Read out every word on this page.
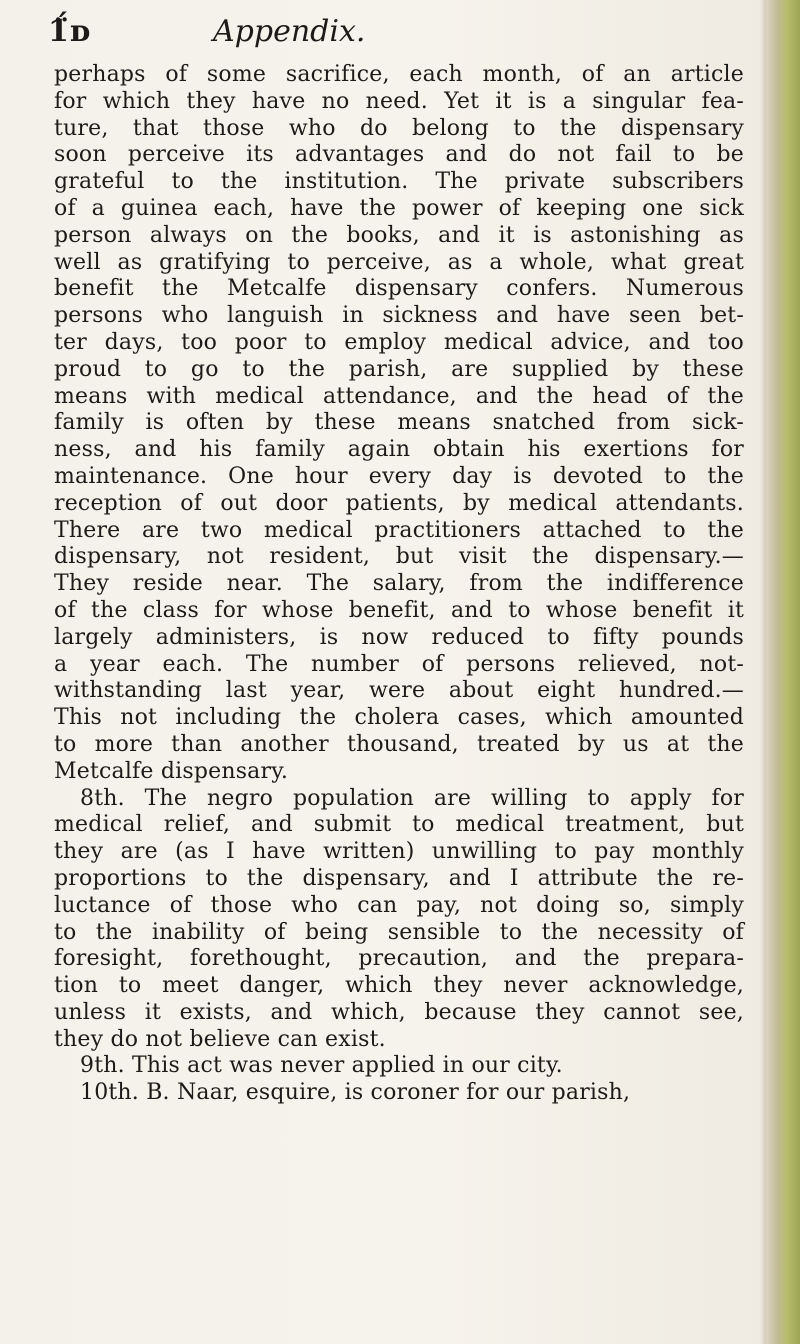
1̈́ᴅ	Appendix.
perhaps of some sacrifice, each month, of an article
for which they have no need. Yet it is a singular fea-
ture, that those who do belong to the dispensary
soon perceive its advantages and do not fail to be
grateful to the institution. The private subscribers
of a guinea each, have the power of keeping one sick
person always on the books, and it is astonishing as
well as gratifying to perceive, as a whole, what great
benefit the Metcalfe dispensary confers. Numerous
persons who languish in sickness and have seen bet-
ter days, too poor to employ medical advice, and too
proud to go to the parish, are supplied by these
means with medical attendance, and the head of the
family is often by these means snatched from sick-
ness, and his family again obtain his exertions for
maintenance. One hour every day is devoted to the
reception of out door patients, by medical attendants.
There are two medical practitioners attached to the
dispensary, not resident, but visit the dispensary.—
They reside near. The salary, from the indifference
of the class for whose benefit, and to whose benefit it
largely administers, is now reduced to fifty pounds
a year each. The number of persons relieved, not-
withstanding last year, were about eight hundred.—
This not including the cholera cases, which amounted
to more than another thousand, treated by us at the
Metcalfe dispensary.
8th. The negro population are willing to apply for
medical relief, and submit to medical treatment, but
they are (as I have written) unwilling to pay monthly
proportions to the dispensary, and I attribute the re-
luctance of those who can pay, not doing so, simply
to the inability of being sensible to the necessity of
foresight, forethought, precaution, and the prepara-
tion to meet danger, which they never acknowledge,
unless it exists, and which, because they cannot see,
they do not believe can exist.
9th. This act was never applied in our city.
10th. B. Naar, esquire, is coroner for our parish,
